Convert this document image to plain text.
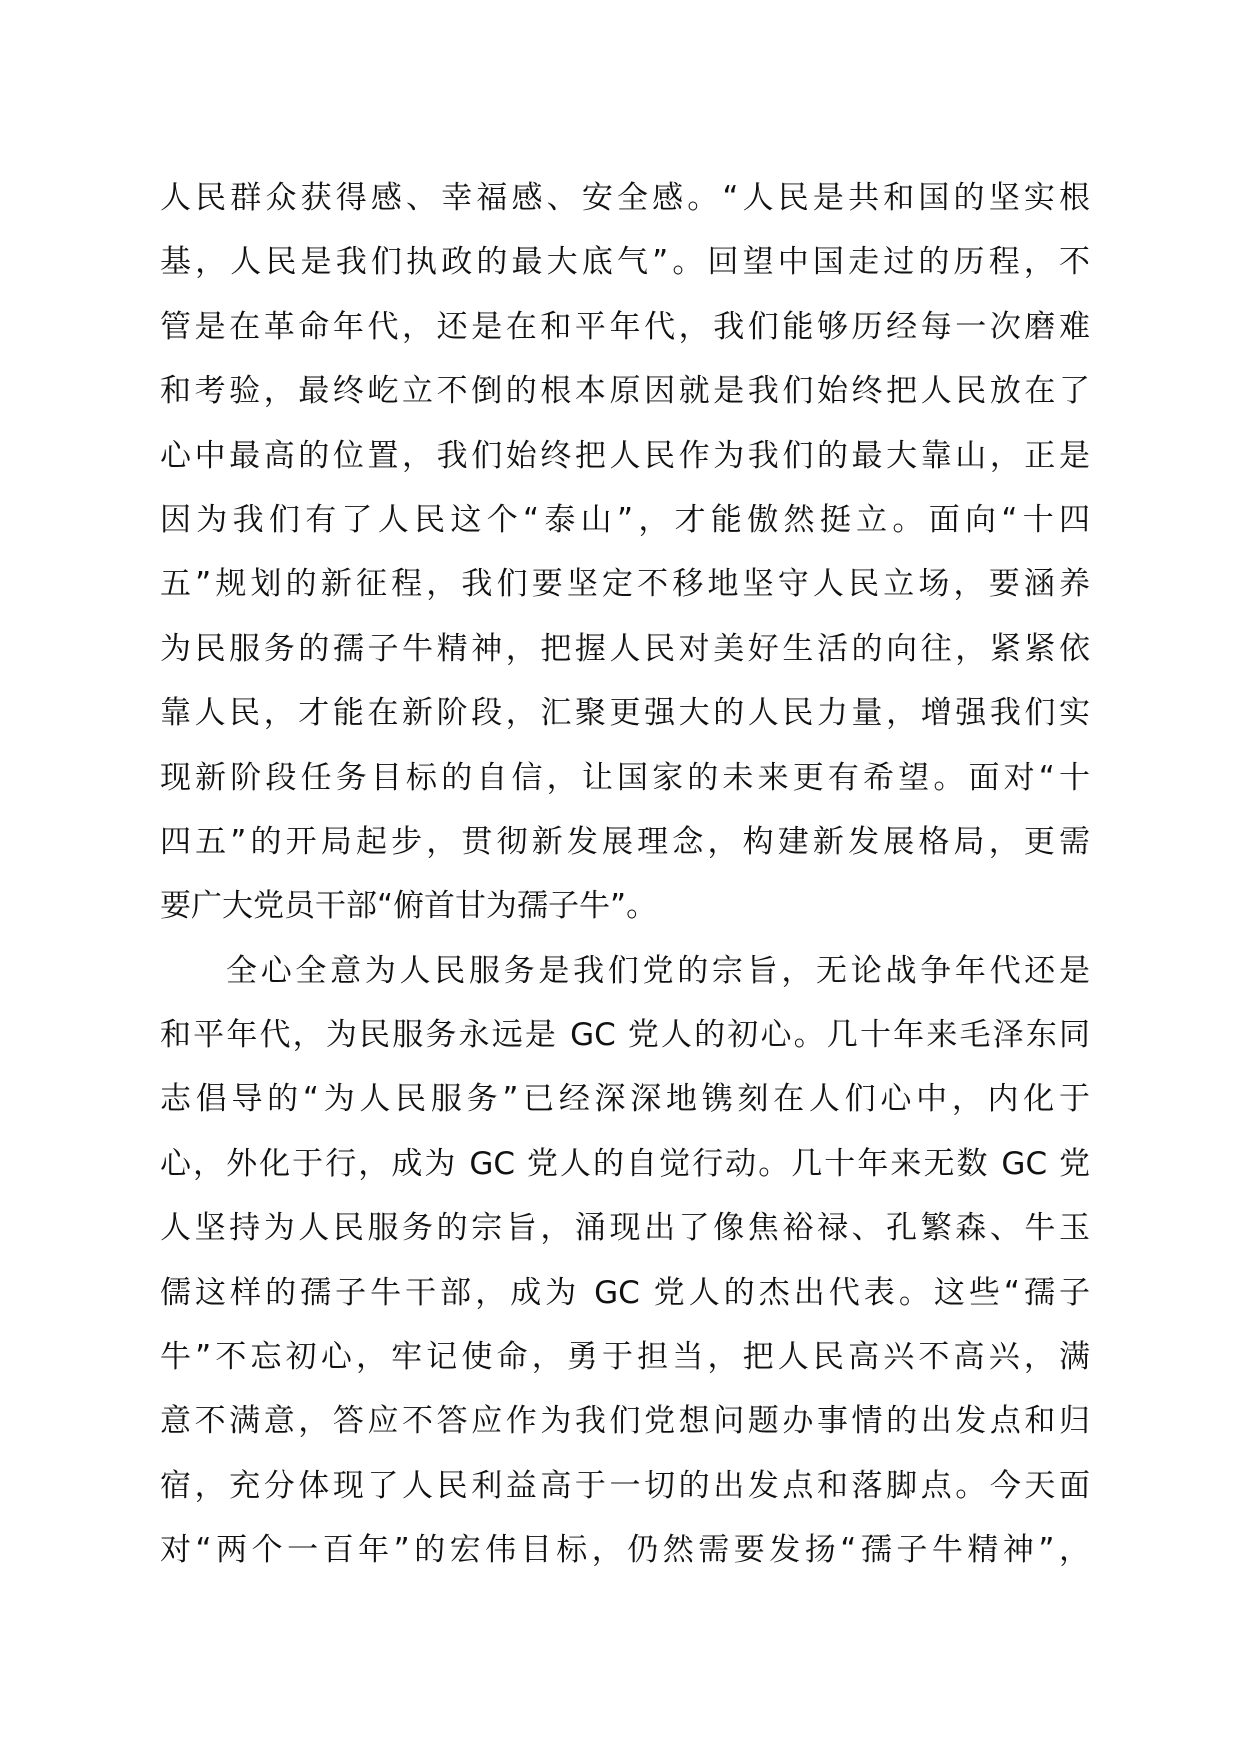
人民群众获得感、幸福感、安全感。“人民是共和国的坚实根
基，人民是我们执政的最大底气”。回望中国走过的历程，不
管是在革命年代，还是在和平年代，我们能够历经每一次磨难
和考验，最终屹立不倒的根本原因就是我们始终把人民放在了
心中最高的位置，我们始终把人民作为我们的最大靠山，正是
因为我们有了人民这个“泰山”，才能傲然挺立。面向“十四
五”规划的新征程，我们要坚定不移地坚守人民立场，要涵养
为民服务的孺子牛精神，把握人民对美好生活的向往，紧紧依
靠人民，才能在新阶段，汇聚更强大的人民力量，增强我们实
现新阶段任务目标的自信，让国家的未来更有希望。面对“十
四五”的开局起步，贯彻新发展理念，构建新发展格局，更需
要广大党员干部“俯首甘为孺子牛”。
全心全意为人民服务是我们党的宗旨，无论战争年代还是
和平年代，为民服务永远是 GC 党人的初心。几十年来毛泽东同
志倡导的“为人民服务”已经深深地镌刻在人们心中，内化于
心，外化于行，成为 GC 党人的自觉行动。几十年来无数 GC 党
人坚持为人民服务的宗旨，涌现出了像焦裕禄、孔繁森、牛玉
儒这样的孺子牛干部，成为 GC 党人的杰出代表。这些“孺子
牛”不忘初心，牢记使命，勇于担当，把人民高兴不高兴，满
意不满意，答应不答应作为我们党想问题办事情的出发点和归
宿，充分体现了人民利益高于一切的出发点和落脚点。今天面
对“两个一百年”的宏伟目标，仍然需要发扬“孺子牛精神”，
